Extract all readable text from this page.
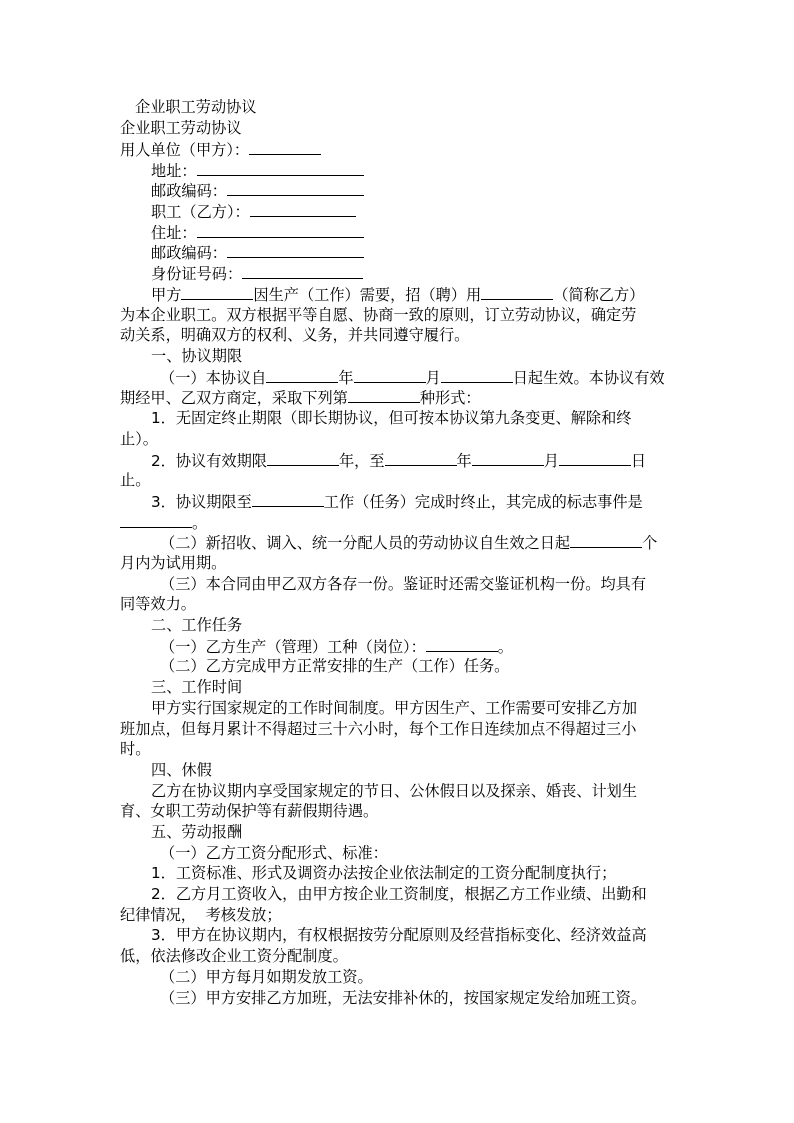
企业职工劳动协议
企业职工劳动协议
用人单位（甲方）：
地址：
邮政编码：
职工（乙方）：
住址：
邮政编码：
身份证号码：
甲方	因生产（工作）需要，招（聘）用	（简称乙方）
为本企业职工。双方根据平等自愿、协商一致的原则，订立劳动协议，确定劳
动关系，明确双方的权利、义务，并共同遵守履行。
一、协议期限
（一）本协议自	年	月	日起生效。本协议有效
期经甲、乙双方商定，采取下列第	种形式：
1．无固定终止期限（即长期协议，但可按本协议第九条变更、解除和终
止）。
2．协议有效期限	年，至	年	月	日
止。
3．协议期限至	工作（任务）完成时终止，其完成的标志事件是
。
（二）新招收、调入、统一分配人员的劳动协议自生效之日起	个
月内为试用期。
（三）本合同由甲乙双方各存一份。鉴证时还需交鉴证机构一份。均具有
同等效力。
二、工作任务
（一）乙方生产（管理）工种（岗位）：	。
（二）乙方完成甲方正常安排的生产（工作）任务。
三、工作时间
甲方实行国家规定的工作时间制度。甲方因生产、工作需要可安排乙方加
班加点，但每月累计不得超过三十六小时，每个工作日连续加点不得超过三小
时。
四、休假
乙方在协议期内享受国家规定的节日、公休假日以及探亲、婚丧、计划生
育、女职工劳动保护等有薪假期待遇。
五、劳动报酬
（一）乙方工资分配形式、标准：
1．工资标准、形式及调资办法按企业依法制定的工资分配制度执行；
2．乙方月工资收入，由甲方按企业工资制度，根据乙方工作业绩、出勤和
纪律情况，  考核发放；
3．甲方在协议期内，有权根据按劳分配原则及经营指标变化、经济效益高
低，依法修改企业工资分配制度。
（二）甲方每月如期发放工资。
（三）甲方安排乙方加班，无法安排补休的，按国家规定发给加班工资。
